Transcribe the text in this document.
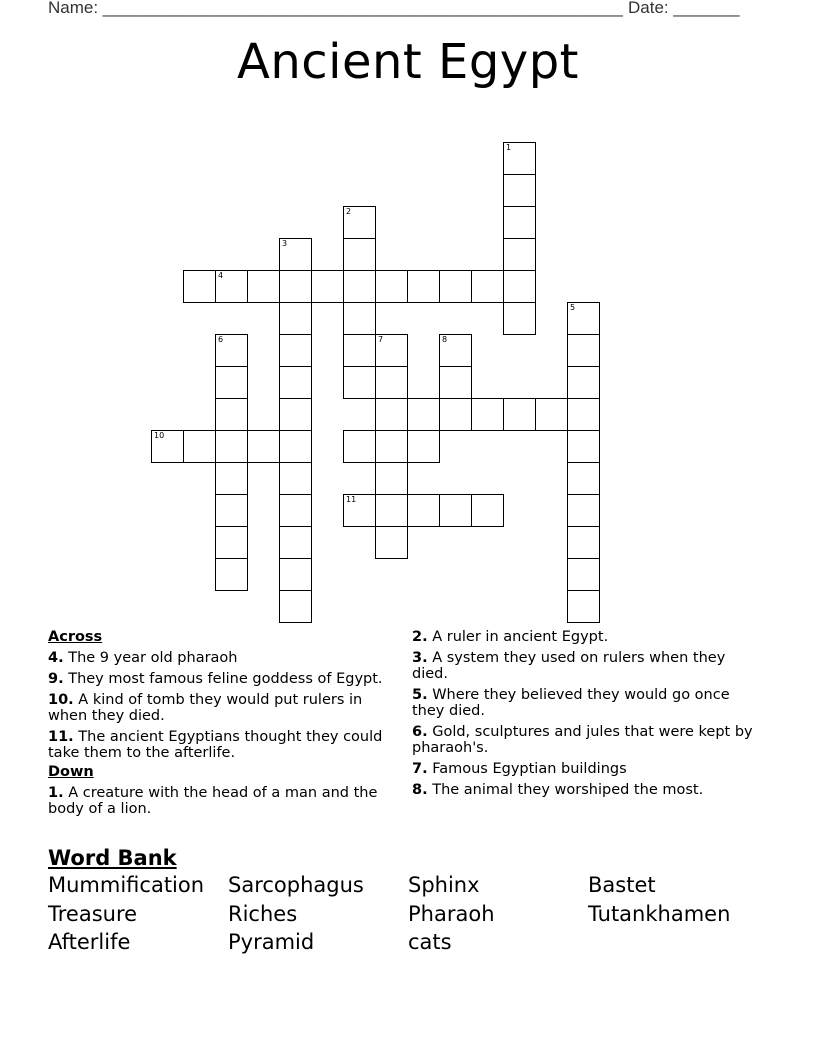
Name: _______________________________________________________ Date: _______
Ancient Egypt
1
2
3
4
5
6	7	8
10
11
Across
4. The 9 year old pharaoh
9. They most famous feline goddess of Egypt.
10. A kind of tomb they would put rulers in when they died.
11. The ancient Egyptians thought they could take them to the afterlife.
Down
1. A creature with the head of a man and the body of a lion.
2. A ruler in ancient Egypt.
3. A system they used on rulers when they died.
5. Where they believed they would go once they died.
6. Gold, sculptures and jules that were kept by pharaoh's.
7. Famous Egyptian buildings
8. The animal they worshiped the most.
Word Bank
Mummification	Sarcophagus	Sphinx	Bastet
Treasure	Riches	Pharaoh	Tutankhamen
Afterlife	Pyramid	cats
